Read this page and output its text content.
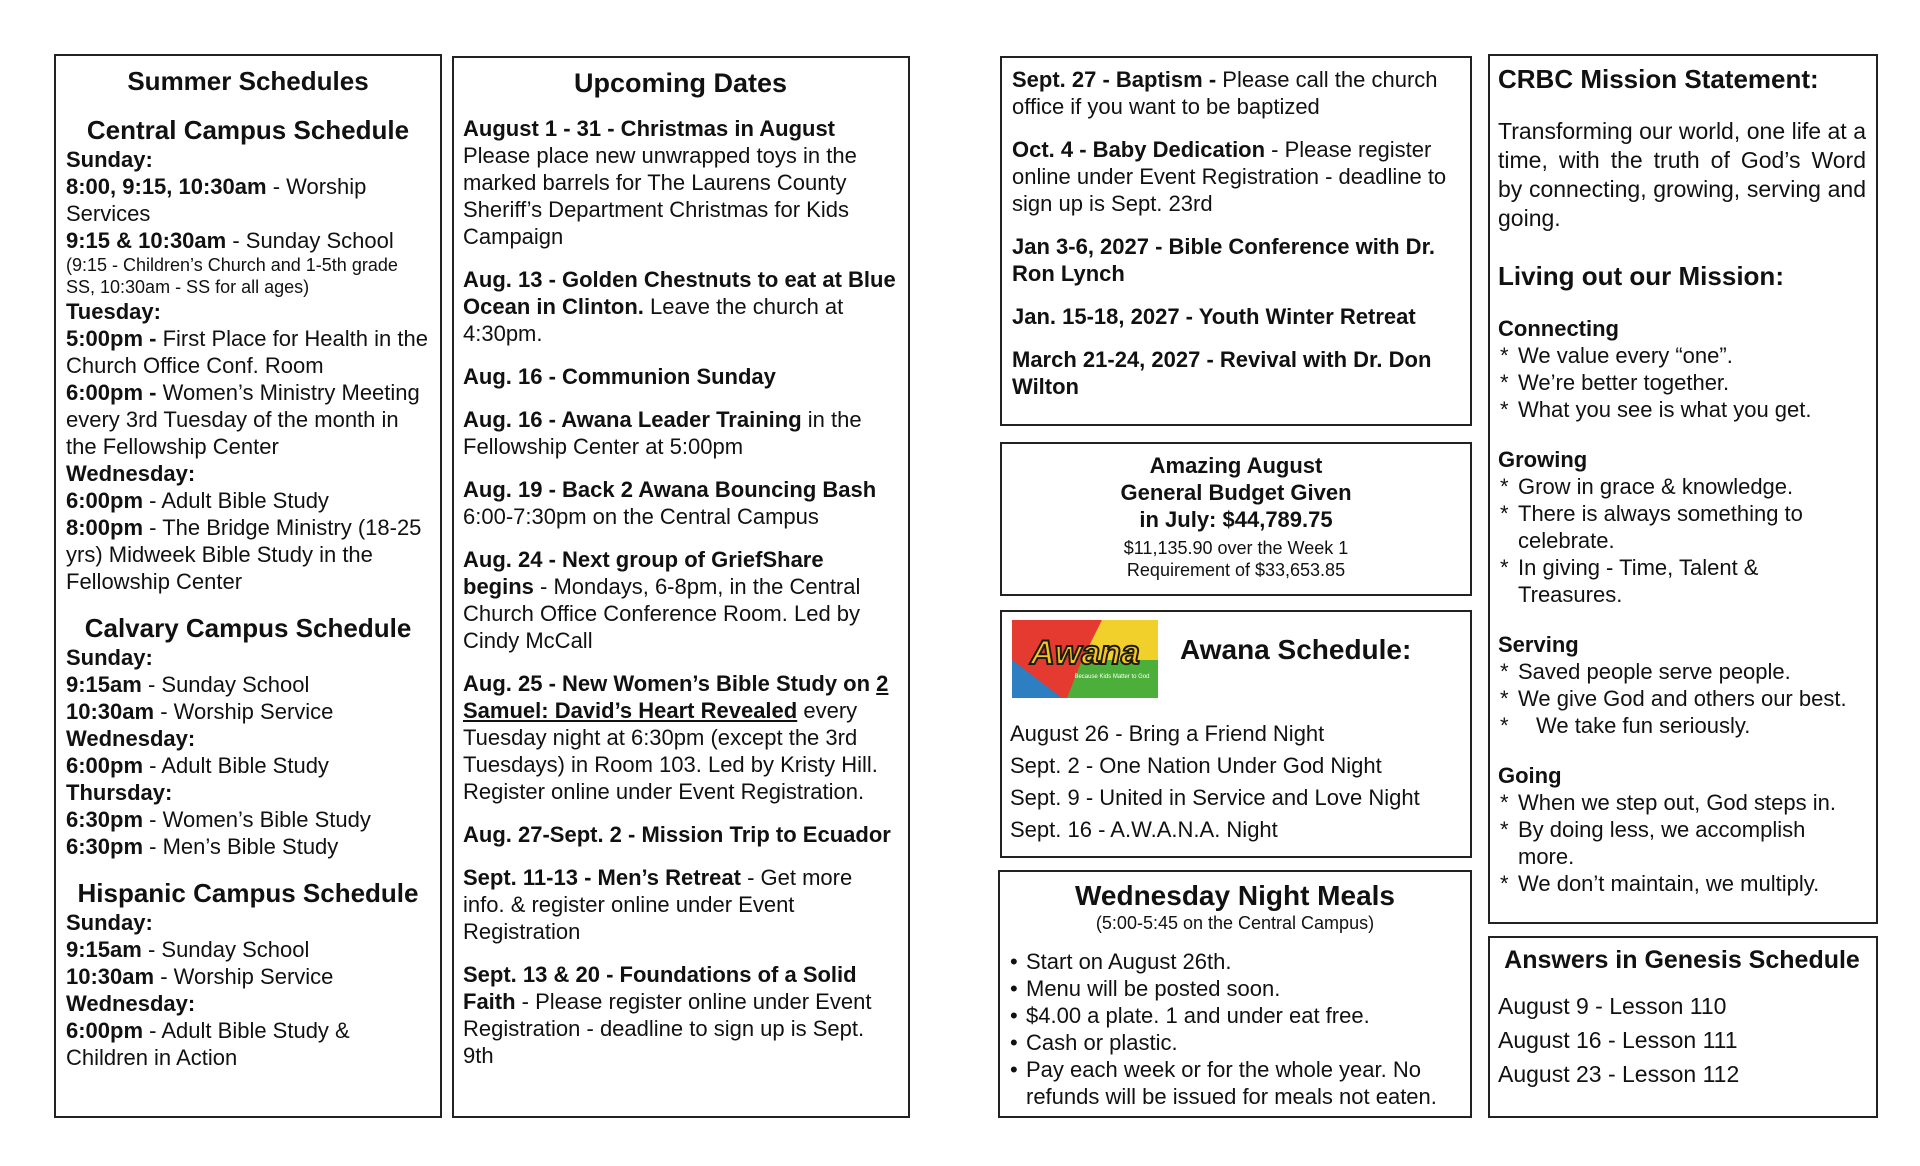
Summer Schedules
Central Campus Schedule

Sunday:

8:00, 9:15, 10:30am - Worship Services

9:15 & 10:30am - Sunday School

(9:15 - Children’s Church and 1-5th grade SS, 10:30am - SS for all ages)

Tuesday:

5:00pm - First Place for Health in the Church Office Conf. Room

6:00pm - Women’s Ministry Meeting every 3rd Tuesday of the month in the Fellowship Center

Wednesday:

6:00pm - Adult Bible Study

8:00pm - The Bridge Ministry (18-25 yrs) Midweek Bible Study in the Fellowship Center

Calvary Campus Schedule

Sunday:

9:15am - Sunday School

10:30am - Worship Service

Wednesday:

6:00pm - Adult Bible Study

Thursday:

6:30pm - Women’s Bible Study

6:30pm - Men’s Bible Study

Hispanic Campus Schedule

Sunday:

9:15am - Sunday School

10:30am - Worship Service

Wednesday:

6:00pm - Adult Bible Study & Children in Action

Upcoming Dates

August 1 - 31 - Christmas in August Please place new unwrapped toys in the marked barrels for The Laurens County Sheriff’s Department Christmas for Kids Campaign

Aug. 13 - Golden Chestnuts to eat at Blue Ocean in Clinton. Leave the church at 4:30pm.

Aug. 16 - Communion Sunday

Aug. 16 - Awana Leader Training in the Fellowship Center at 5:00pm

Aug. 19 - Back 2 Awana Bouncing Bash 6:00-7:30pm on the Central Campus

Aug. 24 - Next group of GriefShare begins - Mondays, 6-8pm, in the Central Church Office Conference Room. Led by Cindy McCall

Aug. 25 - New Women’s Bible Study on 2 Samuel: David’s Heart Revealed every Tuesday night at 6:30pm (except the 3rd Tuesdays) in Room 103. Led by Kristy Hill. Register online under Event Registration.

Aug. 27-Sept. 2 - Mission Trip to Ecuador

Sept. 11-13 - Men’s Retreat - Get more info. & register online under Event Registration

Sept. 13 & 20 - Foundations of a Solid Faith - Please register online under Event Registration - deadline to sign up is Sept. 9th

Sept. 27 - Baptism - Please call the church office if you want to be baptized

Oct. 4 - Baby Dedication - Please register online under Event Registration - deadline to sign up is Sept. 23rd

Jan 3-6, 2027 - Bible Conference with Dr. Ron Lynch

Jan. 15-18, 2027 - Youth Winter Retreat

March 21-24, 2027 - Revival with Dr. Don Wilton

Amazing August
General Budget Given
in July: $44,789.75
$11,135.90 over the Week 1
Requirement of $33,653.85
Awana
Because Kids Matter to God
Awana Schedule:

August 26 - Bring a Friend Night

Sept. 2 - One Nation Under God Night

Sept. 9 - United in Service and Love Night

Sept. 16 - A.W.A.N.A. Night

Wednesday Night Meals
(5:00-5:45 on the Central Campus)
• Start on August 26th.
• Menu will be posted soon.
• $4.00 a plate. 1 and under eat free.
• Cash or plastic.
• Pay each week or for the whole year. No refunds will be issued for meals not eaten.
CRBC Mission Statement:

Transforming our world, one life at a time, with the truth of God’s Word by connecting, growing, serving and going.

Living out our Mission:
Connecting
* We value every “one”.
* We’re better together.
* What you see is what you get.
Growing
* Grow in grace & knowledge.
* There is always something to celebrate.
* In giving - Time, Talent & Treasures.
Serving
* Saved people serve people.
* We give God and others our best.
* We take fun seriously.
Going
* When we step out, God steps in.
* By doing less, we accomplish more.
* We don’t maintain, we multiply.
Answers in Genesis Schedule

August 9 - Lesson 110

August 16 - Lesson 111

August 23 - Lesson 112
